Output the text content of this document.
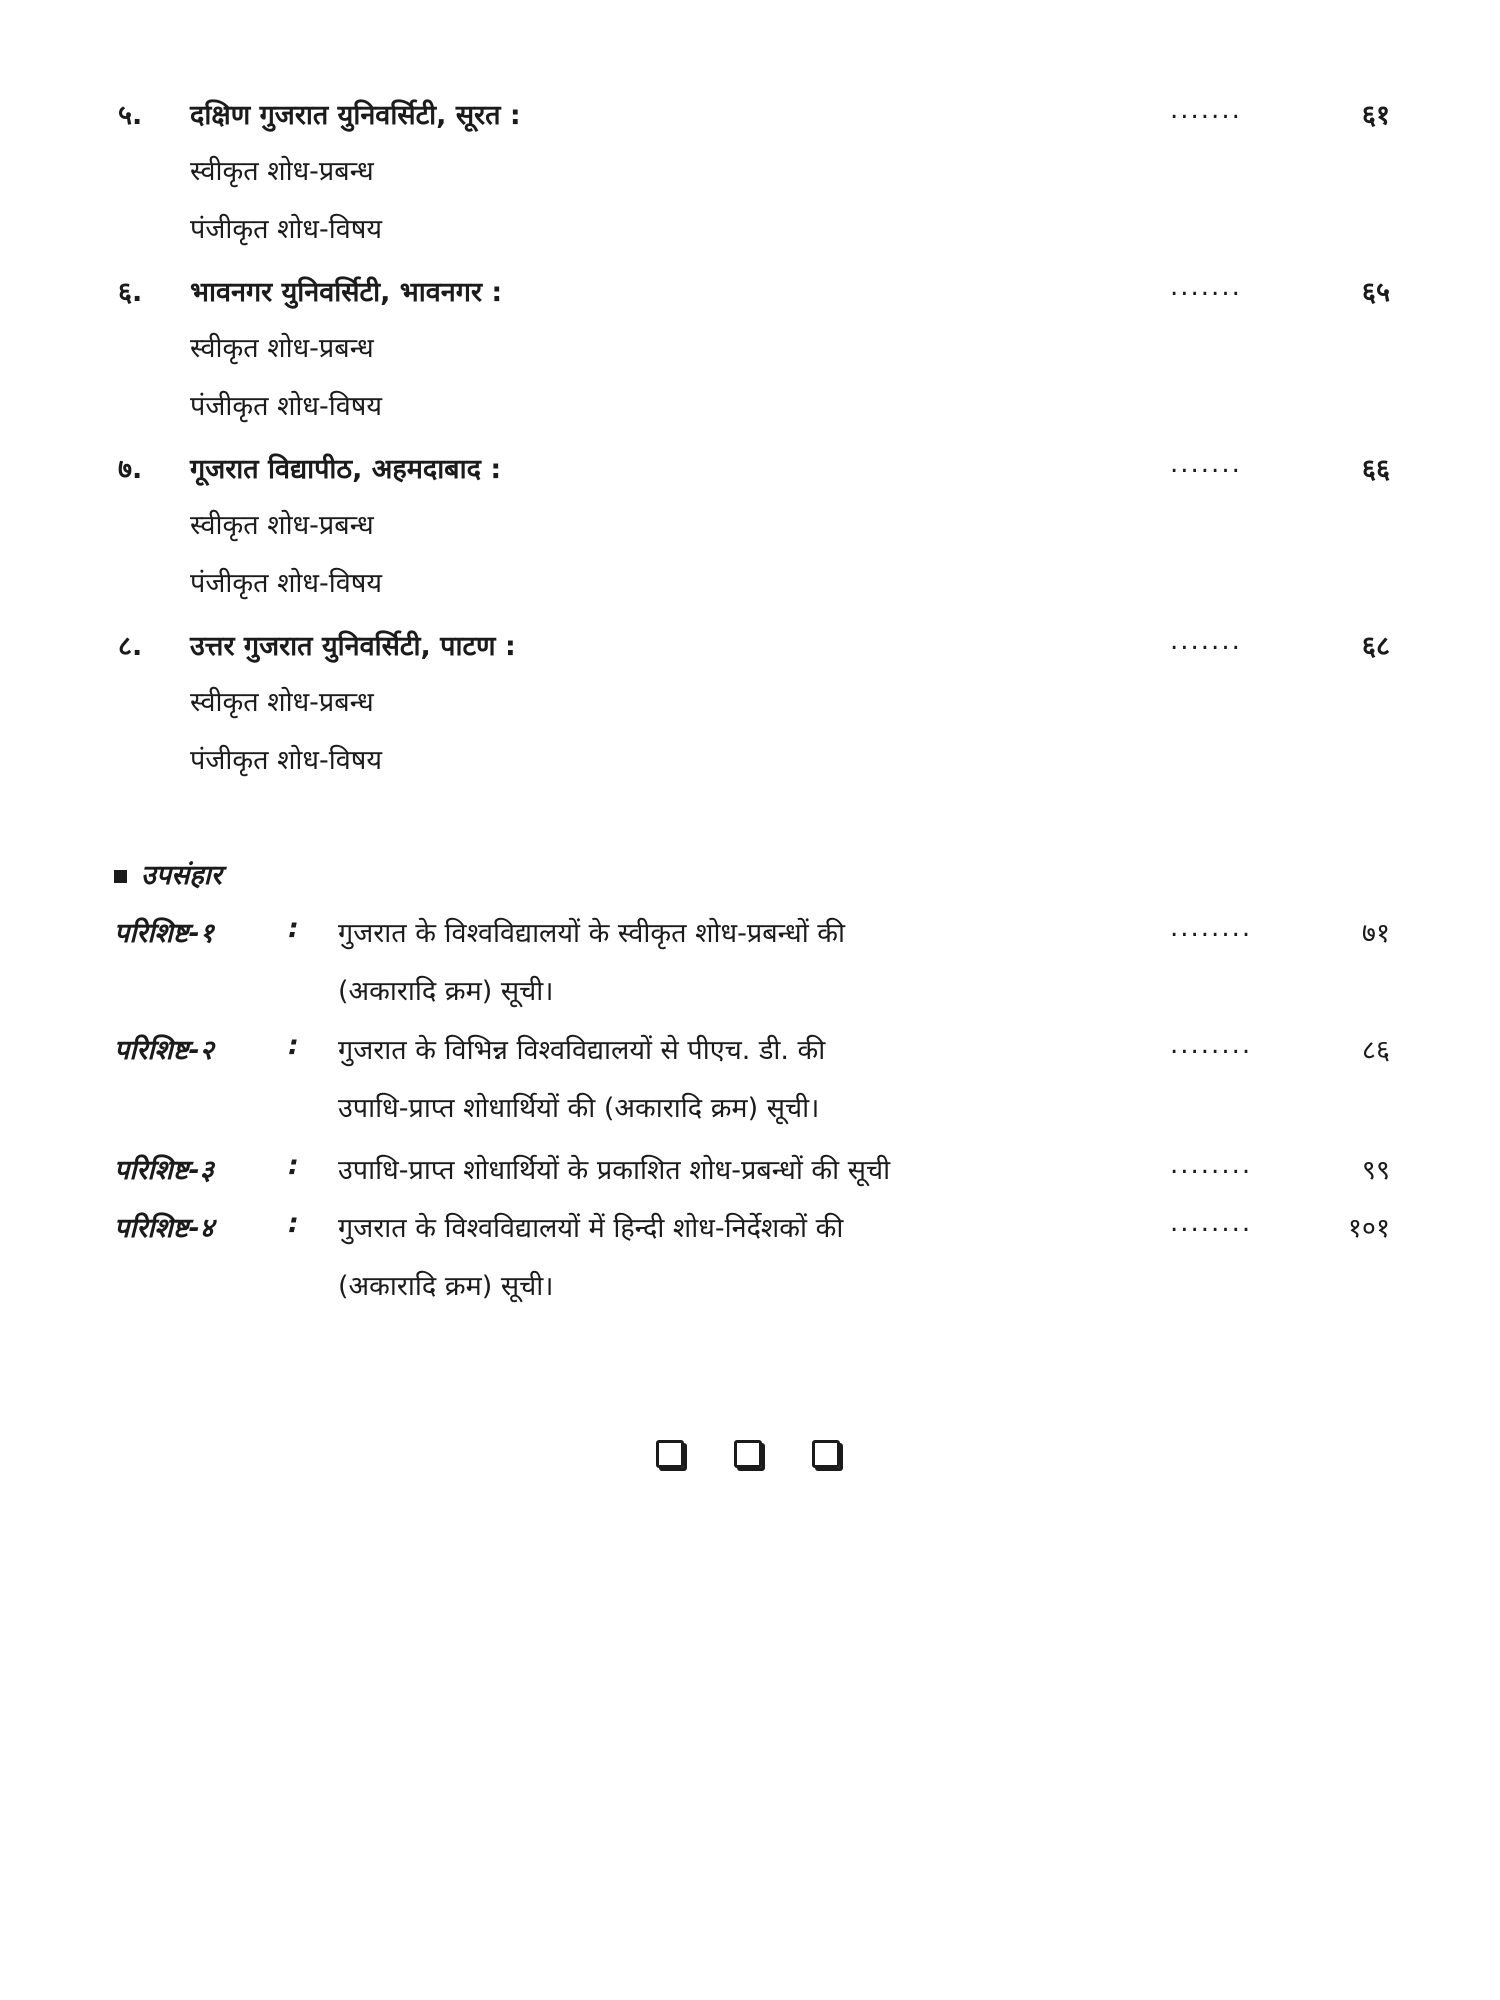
५. दक्षिण गुजरात युनिवर्सिटी, सूरत :	.......	६१
स्वीकृत शोध-प्रबन्ध
पंजीकृत शोध-विषय
६. भावनगर युनिवर्सिटी, भावनगर :	.......	६५
स्वीकृत शोध-प्रबन्ध
पंजीकृत शोध-विषय
७. गूजरात विद्यापीठ, अहमदाबाद :	.......	६६
स्वीकृत शोध-प्रबन्ध
पंजीकृत शोध-विषय
८. उत्तर गुजरात युनिवर्सिटी, पाटण :	.......	६८
स्वीकृत शोध-प्रबन्ध
पंजीकृत शोध-विषय
उपसंहार
परिशिष्ट-१	: गुजरात के विश्वविद्यालयों के स्वीकृत शोध-प्रबन्धों की
(अकारादि क्रम) सूची।
........	७१
परिशिष्ट-२	: गुजरात के विभिन्न विश्वविद्यालयों से पीएच. डी. की
उपाधि-प्राप्त शोधार्थियों की (अकारादि क्रम) सूची।
........	८६
परिशिष्ट-३	: उपाधि-प्राप्त शोधार्थियों के प्रकाशित शोध-प्रबन्धों की सूची	........	९९
परिशिष्ट-४	: गुजरात के विश्वविद्यालयों में हिन्दी शोध-निर्देशकों की
(अकारादि क्रम) सूची।
........	१०१
